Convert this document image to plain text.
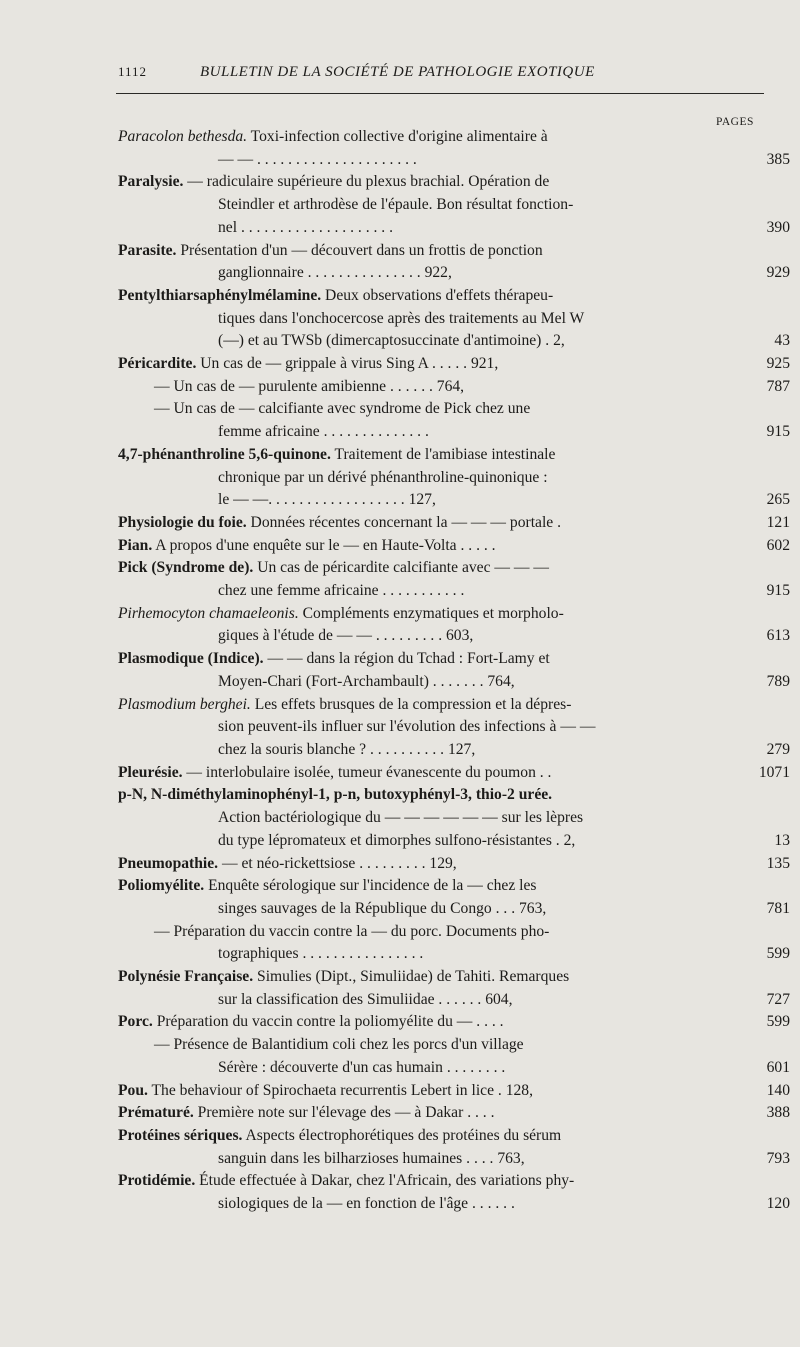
1112	BULLETIN DE LA SOCIÉTÉ DE PATHOLOGIE EXOTIQUE
PAGES
Paracolon bethesda. Toxi-infection collective d'origine alimentaire à
— — . . . . . . . . . . . . . . . . . . . . .	385
Paralysie. — radiculaire supérieure du plexus brachial. Opération de
Steindler et arthrodèse de l'épaule. Bon résultat fonction-
nel . . . . . . . . . . . . . . . . . . . .	390
Parasite. Présentation d'un — découvert dans un frottis de ponction
ganglionnaire . . . . . . . . . . . . . . . 922,	929
Pentylthiarsaphénylmélamine. Deux observations d'effets thérapeu-
tiques dans l'onchocercose après des traitements au Mel W
(—) et au TWSb (dimercaptosuccinate d'antimoine) . 2,	43
Péricardite. Un cas de — grippale à virus Sing A . . . . . 921,	925
— Un cas de — purulente amibienne . . . . . . 764,	787
— Un cas de — calcifiante avec syndrome de Pick chez une
femme africaine . . . . . . . . . . . . . .	915
4,7-phénanthroline 5,6-quinone. Traitement de l'amibiase intestinale
chronique par un dérivé phénanthroline-quinonique :
le — —. . . . . . . . . . . . . . . . . . 127,	265
Physiologie du foie. Données récentes concernant la — — — portale .	121
Pian. A propos d'une enquête sur le — en Haute-Volta . . . . .	602
Pick (Syndrome de). Un cas de péricardite calcifiante avec — — —
chez une femme africaine . . . . . . . . . . .	915
Pirhemocyton chamaeleonis. Compléments enzymatiques et morpholo-
giques à l'étude de — — . . . . . . . . . 603,	613
Plasmodique (Indice). — — dans la région du Tchad : Fort-Lamy et
Moyen-Chari (Fort-Archambault) . . . . . . . 764,	789
Plasmodium berghei. Les effets brusques de la compression et la dépres-
sion peuvent-ils influer sur l'évolution des infections à — —
chez la souris blanche ? . . . . . . . . . . 127,	279
Pleurésie. — interlobulaire isolée, tumeur évanescente du poumon . .	1071
p-N, N-diméthylaminophényl-1, p-n, butoxyphényl-3, thio-2 urée.
Action bactériologique du — — — — — — sur les lèpres
du type lépromateux et dimorphes sulfono-résistantes . 2,	13
Pneumopathie. — et néo-rickettsiose . . . . . . . . . 129,	135
Poliomyélite. Enquête sérologique sur l'incidence de la — chez les
singes sauvages de la République du Congo . . . 763,	781
— Préparation du vaccin contre la — du porc. Documents pho-
tographiques . . . . . . . . . . . . . . . .	599
Polynésie Française. Simulies (Dipt., Simuliidae) de Tahiti. Remarques
sur la classification des Simuliidae . . . . . . 604,	727
Porc. Préparation du vaccin contre la poliomyélite du — . . . .	599
— Présence de Balantidium coli chez les porcs d'un village
Sérère : découverte d'un cas humain . . . . . . . .	601
Pou. The behaviour of Spirochaeta recurrentis Lebert in lice . 128,	140
Prématuré. Première note sur l'élevage des — à Dakar . . . .	388
Protéines sériques. Aspects électrophorétiques des protéines du sérum
sanguin dans les bilharzioses humaines . . . . 763,	793
Protidémie. Étude effectuée à Dakar, chez l'Africain, des variations phy-
siologiques de la — en fonction de l'âge . . . . . .	120
